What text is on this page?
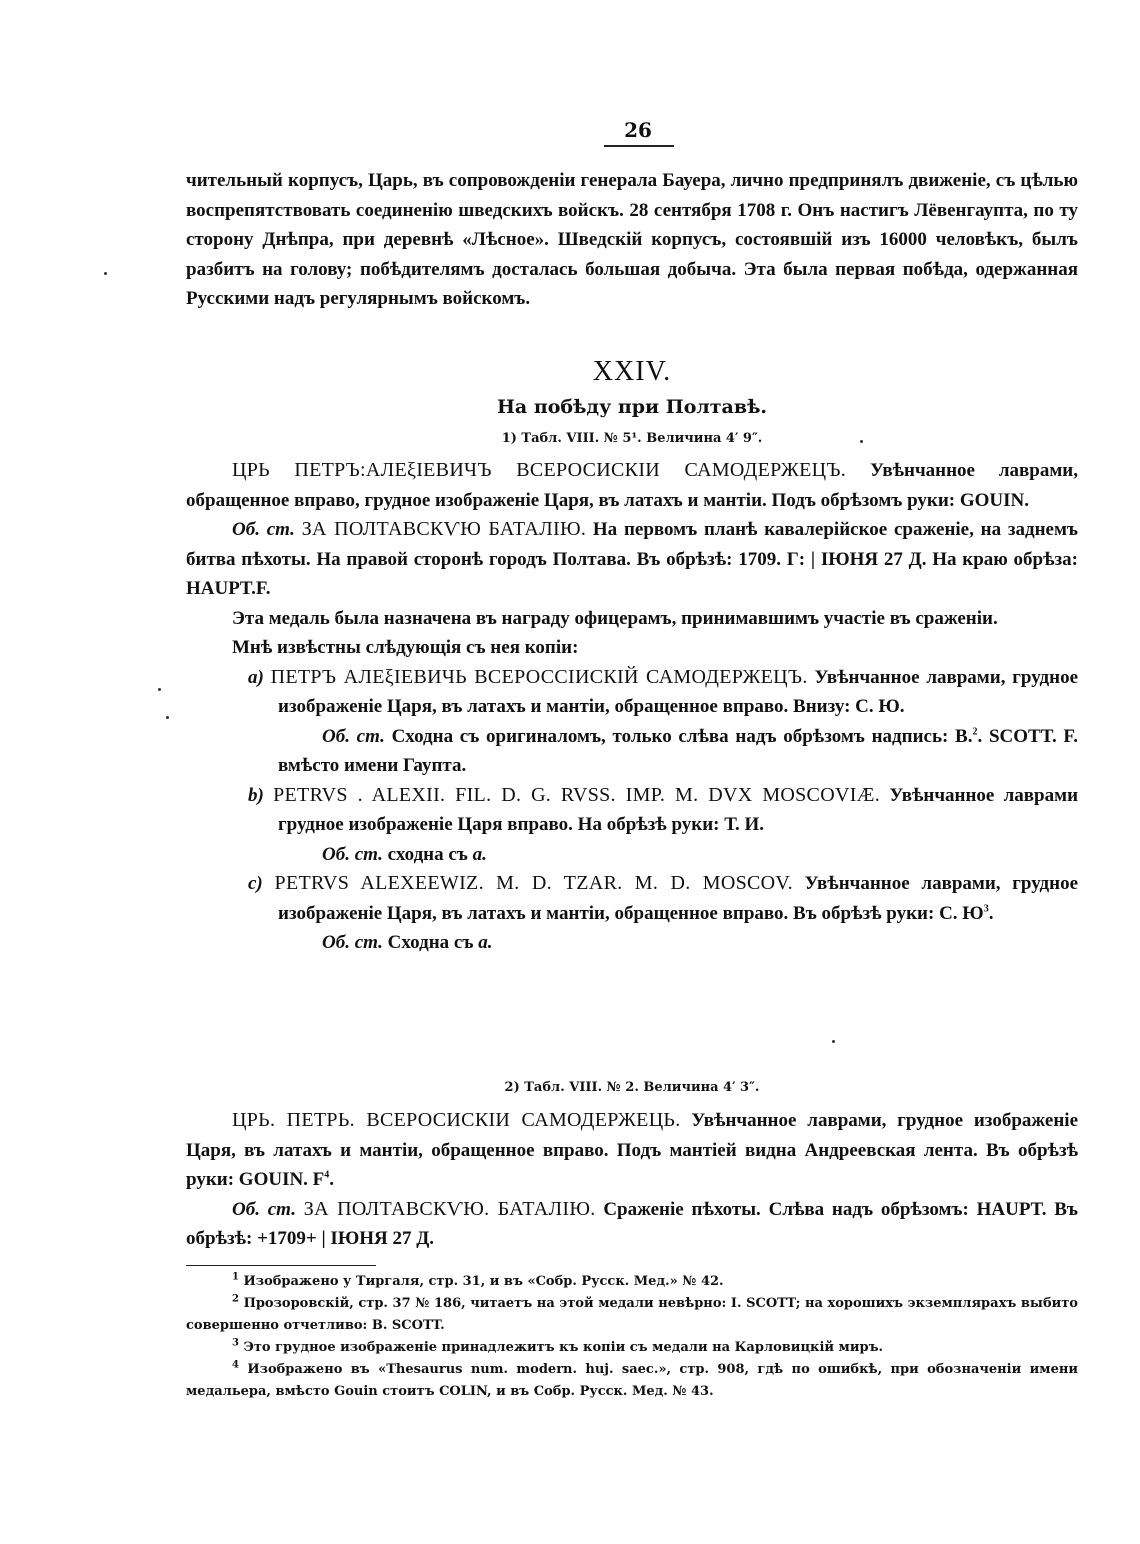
26

чительный корпусъ, Царь, въ сопровожденiи генерала Бауера, лично предпринялъ движенiе, съ цѣлью воспрепятствовать соединенiю шведскихъ войскъ. 28 сентября 1708 г. Онъ настигъ Лёвенгаупта, по ту сторону Днѣпра, при деревнѣ «Лѣсное». Шведскiй корпусъ, состоявшiй изъ 16000 человѣкъ, былъ разбитъ на голову; побѣдителямъ досталась большая добыча. Эта была первая побѣда, одержанная Русскими надъ регулярнымъ войскомъ.

XXIV.
На побѣду при Полтавѣ.
1) Табл. VIII. № 5¹. Величина 4′ 9″.

ЦРЬ ПЕТРЪ:АЛЕξIЕВИЧЪ ВСЕРОСИСКIИ САМОДЕРЖЕЦЪ. Увѣнчанное лаврами, обращенное вправо, грудное изображенiе Царя, въ латахъ и мантiи. Подъ обрѣзомъ руки: GOUIN.

Об. ст. ЗА ПОЛТАВСКѴЮ БАТАЛIЮ. На первомъ планѣ кавалерiйское сраженiе, на заднемъ битва пѣхоты. На правой сторонѣ городъ Полтава. Въ обрѣзѣ: 1709. Г: | IЮНЯ 27 Д. На краю обрѣза: HAUPT.F.

Эта медаль была назначена въ награду офицерамъ, принимавшимъ участiе въ сраженiи.

Мнѣ извѣстны слѣдующiя съ нея копiи:

a) ПЕТРЪ АЛЕξIЕВИЧЬ ВСЕРОССIИСКIЙ САМОДЕРЖЕЦЪ. Увѣнчанное лаврами, грудное изображенiе Царя, въ латахъ и мантiи, обращенное вправо. Внизу: С. Ю.

Об. ст. Сходна съ оригиналомъ, только слѣва надъ обрѣзомъ надпись: В.$^2$. SCOTT. F. вмѣсто имени Гаупта.

b) PETRVS . ALEXII. FIL. D. G. RVSS. IMP. M. DVX MOSCOVIÆ. Увѣнчанное лаврами грудное изображенiе Царя вправо. На обрѣзѣ руки: Т. И.

Об. ст. сходна съ a.

c) PETRVS ALEXEEWIZ. M. D. TZAR. M. D. MOSCOV. Увѣнчанное лаврами, грудное изображенiе Царя, въ латахъ и мантiи, обращенное вправо. Въ обрѣзѣ руки: С. $Ю^3$.

Об. ст. Сходна съ a.

2) Табл. VIII. № 2. Величина 4′ 3″.

ЦРЬ. ПЕТРЬ. ВСЕРОСИСКIИ САМОДЕРЖЕЦЬ. Увѣнчанное лаврами, грудное изображенiе Царя, въ латахъ и мантiи, обращенное вправо. Подъ мантiей видна Андреевская лента. Въ обрѣзѣ руки: GOUIN. $F^4$.

Об. ст. ЗА ПОЛТАВСКѴЮ. БАТАЛIЮ. Сраженiе пѣхоты. Слѣва надъ обрѣзомъ: HAUPT. Въ обрѣзѣ: +1709+ | IЮНЯ 27 Д.

$^1$ Изображено у Тиргаля, стр. 31, и въ «Собр. Русск. Мед.» № 42.

$^2$ Прозоровскiй, стр. 37 № 186, читаетъ на этой медали невѣрно: I. SCOTT; на хорошихъ экземплярахъ выбито совершенно отчетливо: B. SCOTT.

$^3$ Это грудное изображенiе принадлежитъ къ копiи съ медали на Карловицкiй миръ.

$^4$ Изображено въ «Thesaurus num. modern. huj. saec.», стр. 908, гдѣ по ошибкѣ, при обозначенiи имени медальера, вмѣсто Gouin стоитъ COLIN, и въ Собр. Русск. Мед. № 43.
